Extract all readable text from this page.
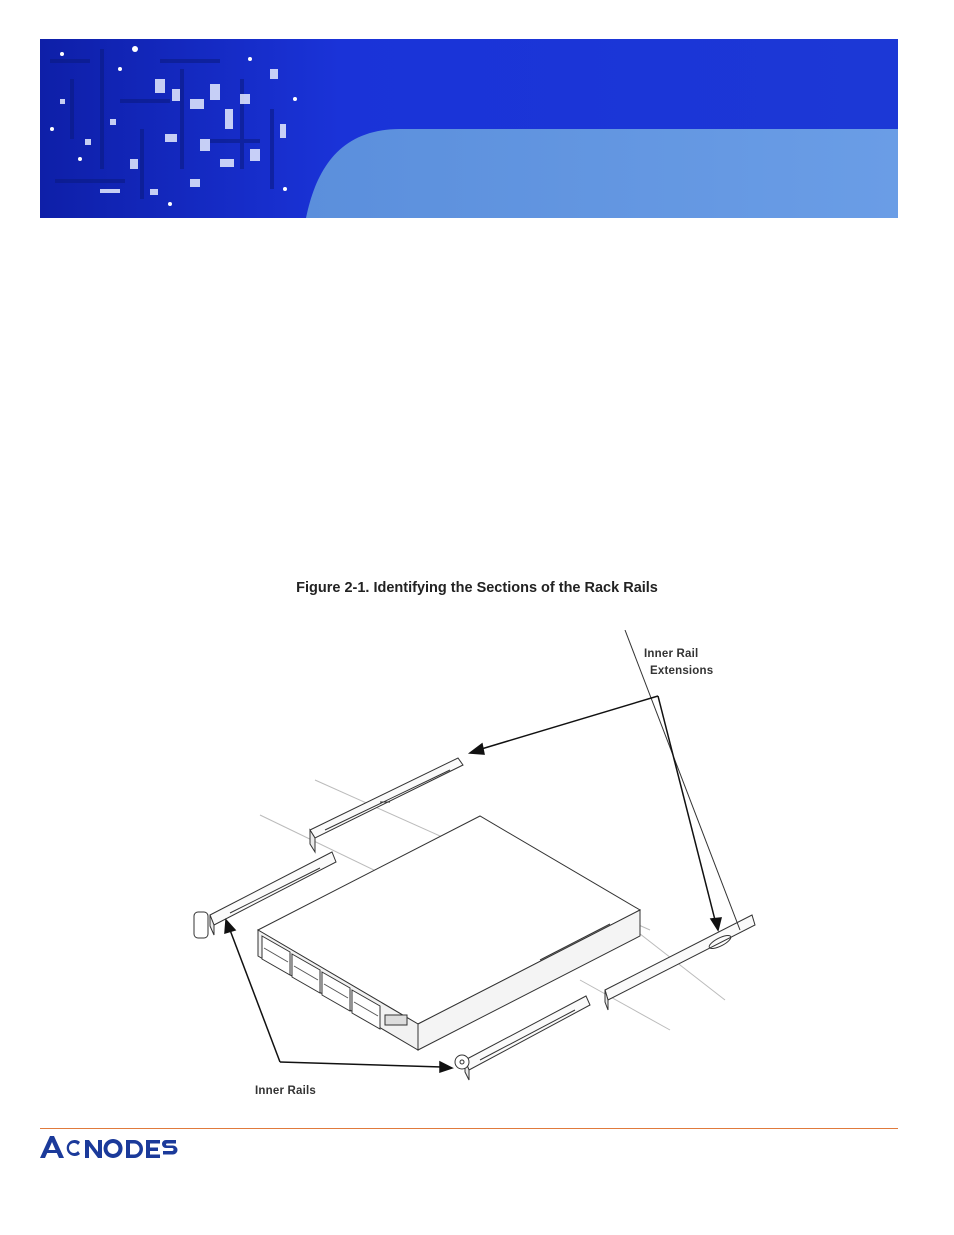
Figure 2-1. Identifying the Sections of the Rack Rails
Inner Rail
Extensions
Inner Rails
